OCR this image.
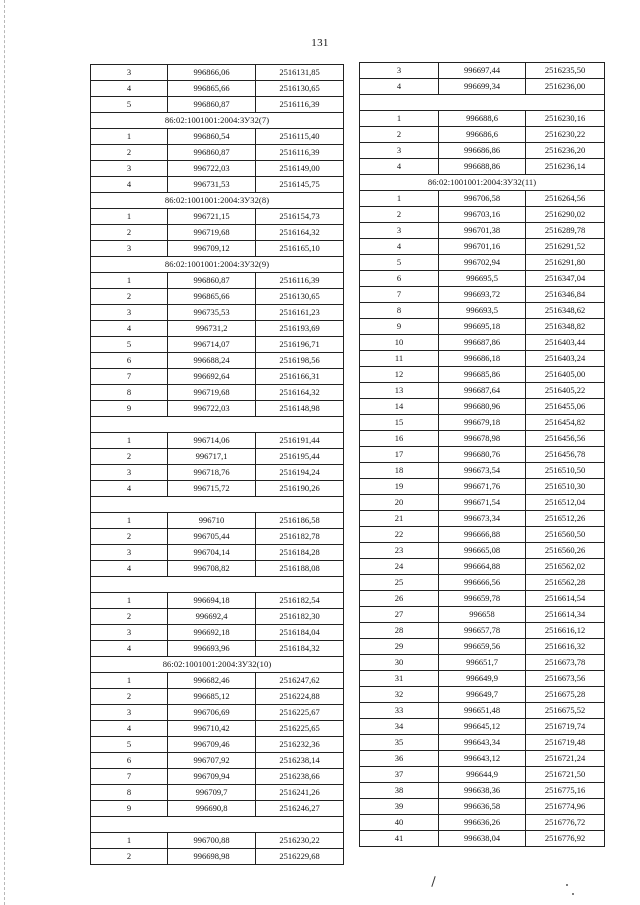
131
3	996866,06	2516131,85
4	996865,66	2516130,65
5	996860,87	2516116,39
86:02:1001001:2004:ЗУ32(7)		
1	996860,54	2516115,40
2	996860,87	2516116,39
3	996722,03	2516149,00
4	996731,53	2516145,75
86:02:1001001:2004:ЗУ32(8)		
1	996721,15	2516154,73
2	996719,68	2516164,32
3	996709,12	2516165,10
86:02:1001001:2004:ЗУ32(9)		
1	996860,87	2516116,39
2	996865,66	2516130,65
3	996735,53	2516161,23
4	996731,2	2516193,69
5	996714,07	2516196,71
6	996688,24	2516198,56
7	996692,64	2516166,31
8	996719,68	2516164,32
9	996722,03	2516148,98

1	996714,06	2516191,44
2	996717,1	2516195,44
3	996718,76	2516194,24
4	996715,72	2516190,26

1	996710	2516186,58
2	996705,44	2516182,78
3	996704,14	2516184,28
4	996708,82	2516188,08

1	996694,18	2516182,54
2	996692,4	2516182,30
3	996692,18	2516184,04
4	996693,96	2516184,32
86:02:1001001:2004:ЗУ32(10)		
1	996682,46	2516247,62
2	996685,12	2516224,88
3	996706,69	2516225,67
4	996710,42	2516225,65
5	996709,46	2516232,36
6	996707,92	2516238,14
7	996709,94	2516238,66
8	996709,7	2516241,26
9	996690,8	2516246,27

1	996700,88	2516230,22
2	996698,98	2516229,68
3	996697,44	2516235,50
4	996699,34	2516236,00

1	996688,6	2516230,16
2	996686,6	2516230,22
3	996686,86	2516236,20
4	996688,86	2516236,14
86:02:1001001:2004:ЗУ32(11)		
1	996706,58	2516264,56
2	996703,16	2516290,02
3	996701,38	2516289,78
4	996701,16	2516291,52
5	996702,94	2516291,80
6	996695,5	2516347,04
7	996693,72	2516346,84
8	996693,5	2516348,62
9	996695,18	2516348,82
10	996687,86	2516403,44
11	996686,18	2516403,24
12	996685,86	2516405,00
13	996687,64	2516405,22
14	996680,96	2516455,06
15	996679,18	2516454,82
16	996678,98	2516456,56
17	996680,76	2516456,78
18	996673,54	2516510,50
19	996671,76	2516510,30
20	996671,54	2516512,04
21	996673,34	2516512,26
22	996666,88	2516560,50
23	996665,08	2516560,26
24	996664,88	2516562,02
25	996666,56	2516562,28
26	996659,78	2516614,54
27	996658	2516614,34
28	996657,78	2516616,12
29	996659,56	2516616,32
30	996651,7	2516673,78
31	996649,9	2516673,56
32	996649,7	2516675,28
33	996651,48	2516675,52
34	996645,12	2516719,74
35	996643,34	2516719,48
36	996643,12	2516721,24
37	996644,9	2516721,50
38	996638,36	2516775,16
39	996636,58	2516774,96
40	996636,26	2516776,72
41	996638,04	2516776,92
